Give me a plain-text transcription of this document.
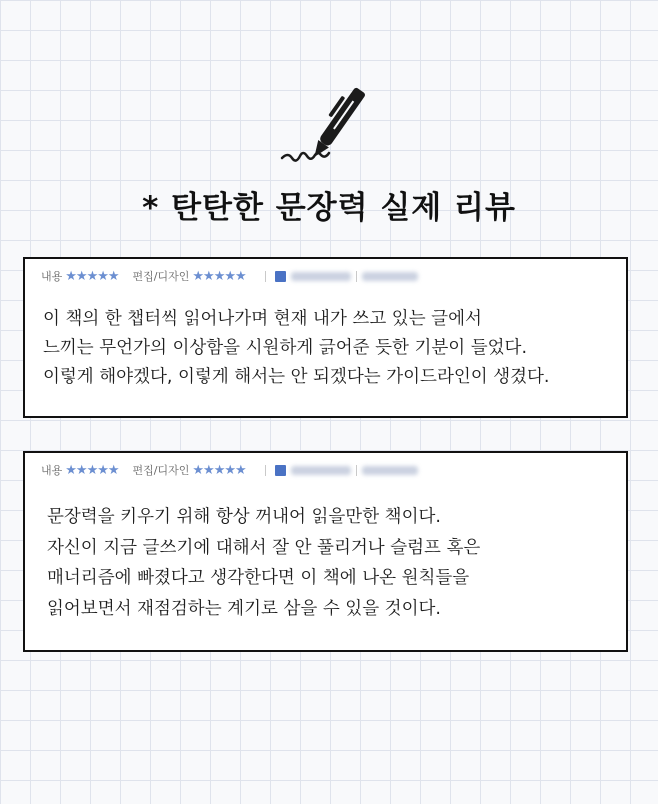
* 탄탄한 문장력 실제 리뷰
내용 ★★★★★ 편집/디자인 ★★★★★
이 책의 한 챕터씩 읽어나가며 현재 내가 쓰고 있는 글에서
느끼는 무언가의 이상함을 시원하게 긁어준 듯한 기분이 들었다.
이렇게 해야겠다, 이렇게 해서는 안 되겠다는 가이드라인이 생겼다.
내용 ★★★★★ 편집/디자인 ★★★★★
문장력을 키우기 위해 항상 꺼내어 읽을만한 책이다.
자신이 지금 글쓰기에 대해서 잘 안 풀리거나 슬럼프 혹은
매너리즘에 빠졌다고 생각한다면 이 책에 나온 원칙들을
읽어보면서 재점검하는 계기로 삼을 수 있을 것이다.
